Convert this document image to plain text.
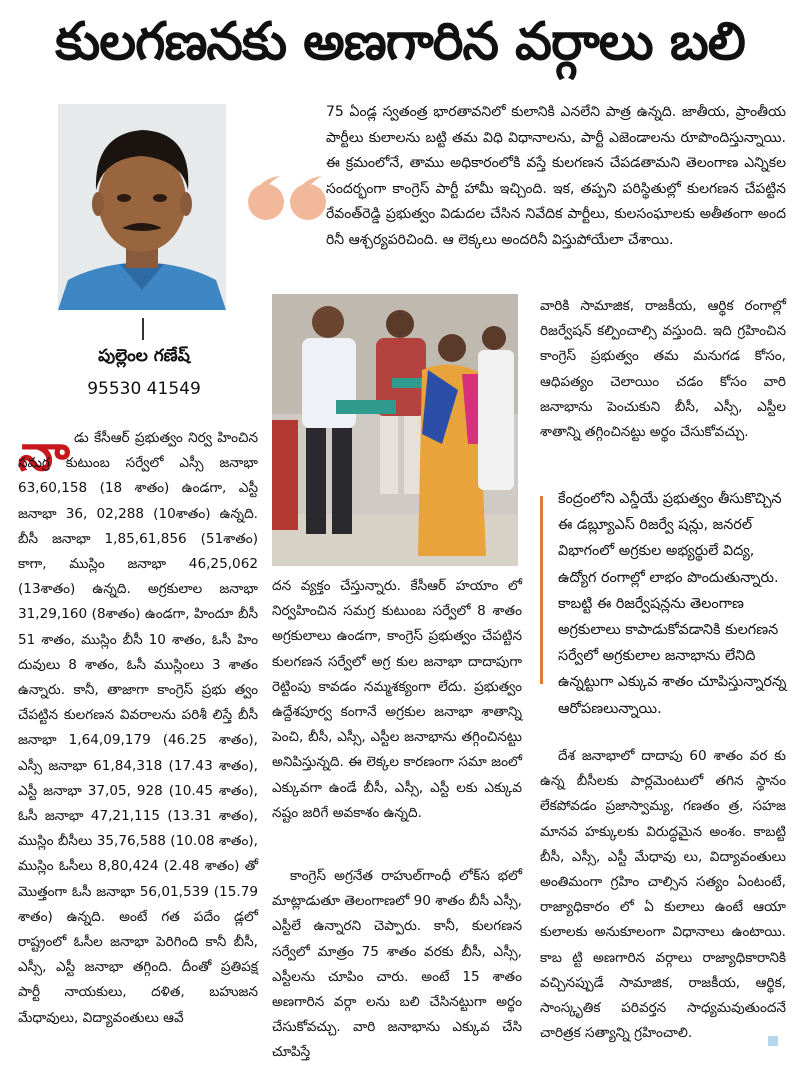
కులగణనకు అణగారిన వర్గాలు బలి
పుల్లెంల గణేష్
95530 41549

75 ఏండ్ల స్వతంత్ర భారతావనిలో కులానికి ఎనలేని పాత్ర ఉన్నది. జాతీయ, ప్రాంతీయ పార్టీలు కులాలను బట్టి తమ విధి విధానాలను, పార్టీ ఎజెండాలను రూపొందిస్తున్నాయి. ఈ క్రమంలోనే, తాము అధికారంలోకి వస్తే కులగణన చేపడతామని తెలంగాణ ఎన్నికల సందర్భంగా కాంగ్రెస్ పార్టీ హామీ ఇచ్చింది. ఇక, తప్పని పరిస్థితుల్లో కులగణన చేపట్టిన రేవంత్‌రెడ్డి ప్రభుత్వం విడుదల చేసిన నివేదిక పార్టీలు, కులసంఘాలకు అతీతంగా అంద రినీ ఆశ్చర్యపరిచింది. ఆ లెక్కలు అందరినీ విస్తుపోయేలా చేశాయి.

నా డు కేసీఆర్ ప్రభుత్వం నిర్వ హించిన సమగ్ర కుటుంబ సర్వేలో ఎస్సీ జనాభా 63,60,158 (18 శాతం) ఉండగా, ఎస్టీ జనాభా 36, 02,288 (10శాతం) ఉన్నది. బీసీ జనాభా 1,85,61,856 (51శాతం) కాగా, ముస్లిం జనాభా 46,25,062 (13శాతం) ఉన్నది. అగ్రకులాల జనాభా 31,29,160 (8శాతం) ఉండగా, హిందూ బీసీ 51 శాతం, ముస్లిం బీసీ 10 శాతం, ఓసీ హిం దువులు 8 శాతం, ఓసీ ముస్లింలు 3 శాతం ఉన్నారు. కానీ, తాజాగా కాంగ్రెస్ ప్రభు త్వం చేపట్టిన కులగణన వివరాలను పరిశీ లిస్తే బీసీ జనాభా 1,64,09,179 (46.25 శాతం), ఎస్సీ జనాభా 61,84,318 (17.43 శాతం), ఎస్టీ జనాభా 37,05, 928 (10.45 శాతం), ఓసీ జనాభా 47,21,115 (13.31 శాతం), ముస్లిం బీసీలు 35,76,588 (10.08 శాతం), ముస్లిం ఓసీలు 8,80,424 (2.48 శాతం) తో మొత్తంగా ఓసీ జనాభా 56,01,539 (15.79 శాతం) ఉన్నది. అంటే గత పదేం డ్లలో రాష్ట్రంలో ఓసీల జనాభా పెరిగింది కానీ బీసీ, ఎస్సీ, ఎస్టీ జనాభా తగ్గింది. దీంతో ప్రతిపక్ష పార్టీ నాయకులు, దళిత, బహుజన మేధావులు, విద్యావంతులు ఆవే

దన వ్యక్తం చేస్తున్నారు. కేసీఆర్ హయాం లో నిర్వహించిన సమగ్ర కుటుంబ సర్వేలో 8 శాతం అగ్రకులాలు ఉండగా, కాంగ్రెస్ ప్రభుత్వం చేపట్టిన కులగణన సర్వేలో అగ్ర కుల జనాభా దాదాపుగా రెట్టింపు కావడం నమ్మశక్యంగా లేదు. ప్రభుత్వం ఉద్దేశపూర్వ కంగానే అగ్రకుల జనాభా శాతాన్ని పెంచి, బీసీ, ఎస్సీ, ఎస్టీల జనాభాను తగ్గించినట్టు అనిపిస్తున్నది. ఈ లెక్కల కారణంగా సమా జంలో ఎక్కువగా ఉండే బీసీ, ఎస్సీ, ఎస్టీ లకు ఎక్కువ నష్టం జరిగే అవకాశం ఉన్నది.

కాంగ్రెస్ అగ్రనేత రాహుల్‌గాంధీ లోక్‌స భలో మాట్లాడుతూ తెలంగాణలో 90 శాతం బీసీ ఎస్సీ, ఎస్టీలే ఉన్నారని చెప్పారు. కానీ, కులగణన సర్వేలో మాత్రం 75 శాతం వరకు బీసీ, ఎస్సీ, ఎస్టీలను చూపిం చారు. అంటే 15 శాతం అణగారిన వర్గా లను బలి చేసినట్టుగా అర్థం చేసుకోవచ్చు. వారి జనాభాను ఎక్కువ చేసి చూపిస్తే

వారికి సామాజిక, రాజకీయ, ఆర్థిక రంగాల్లో రిజర్వేషన్ కల్పించాల్సి వస్తుంది. ఇది గ్రహించిన కాంగ్రెస్ ప్రభుత్వం తమ మనుగడ కోసం, ఆధిపత్యం చెలాయిం చడం కోసం వారి జనాభాను పెంచుకుని బీసీ, ఎస్సీ, ఎస్టీల శాతాన్ని తగ్గించినట్టు అర్థం చేసుకోవచ్చు.

కేంద్రంలోని ఎన్డీయే ప్రభుత్వం తీసుకొచ్చిన ఈ డబ్ల్యూఎస్ రిజర్వే షన్లు, జనరల్ విభాగంలో అగ్రకుల అభ్యర్థులే విద్య, ఉద్యోగ రంగాల్లో లాభం పొందుతున్నారు. కాబట్టి ఈ రిజర్వేషన్లను తెలంగాణ అగ్రకులాలు కాపాడుకోవడానికి కులగణన సర్వేలో అగ్రకులాల జనాభాను లేనిది ఉన్నట్టుగా ఎక్కువ శాతం చూపిస్తున్నారన్న ఆరోపణలున్నాయి.

దేశ జనాభాలో దాదాపు 60 శాతం వర కు ఉన్న బీసీలకు పార్లమెంటులో తగిన స్థానం లేకపోవడం ప్రజాస్వామ్య, గణతం త్ర, సహజ మానవ హక్కులకు విరుద్ధమైన అంశం. కాబట్టి బీసీ, ఎస్సీ, ఎస్టీ మేధావు లు, విద్యావంతులు అంతిమంగా గ్రహిం చాల్సిన సత్యం ఏంటంటే, రాజ్యాధికారం లో ఏ కులాలు ఉంటే ఆయా కులాలకు అనుకూలంగా విధానాలు ఉంటాయి. కాబ ట్టి అణగారిన వర్గాలు రాజ్యాధికారానికి వచ్చినప్పుడే సామాజిక, రాజకీయ, ఆర్థిక, సాంస్కృతిక పరివర్తన సాధ్యమవుతుందనే చారిత్రక సత్యాన్ని గ్రహించాలి.
